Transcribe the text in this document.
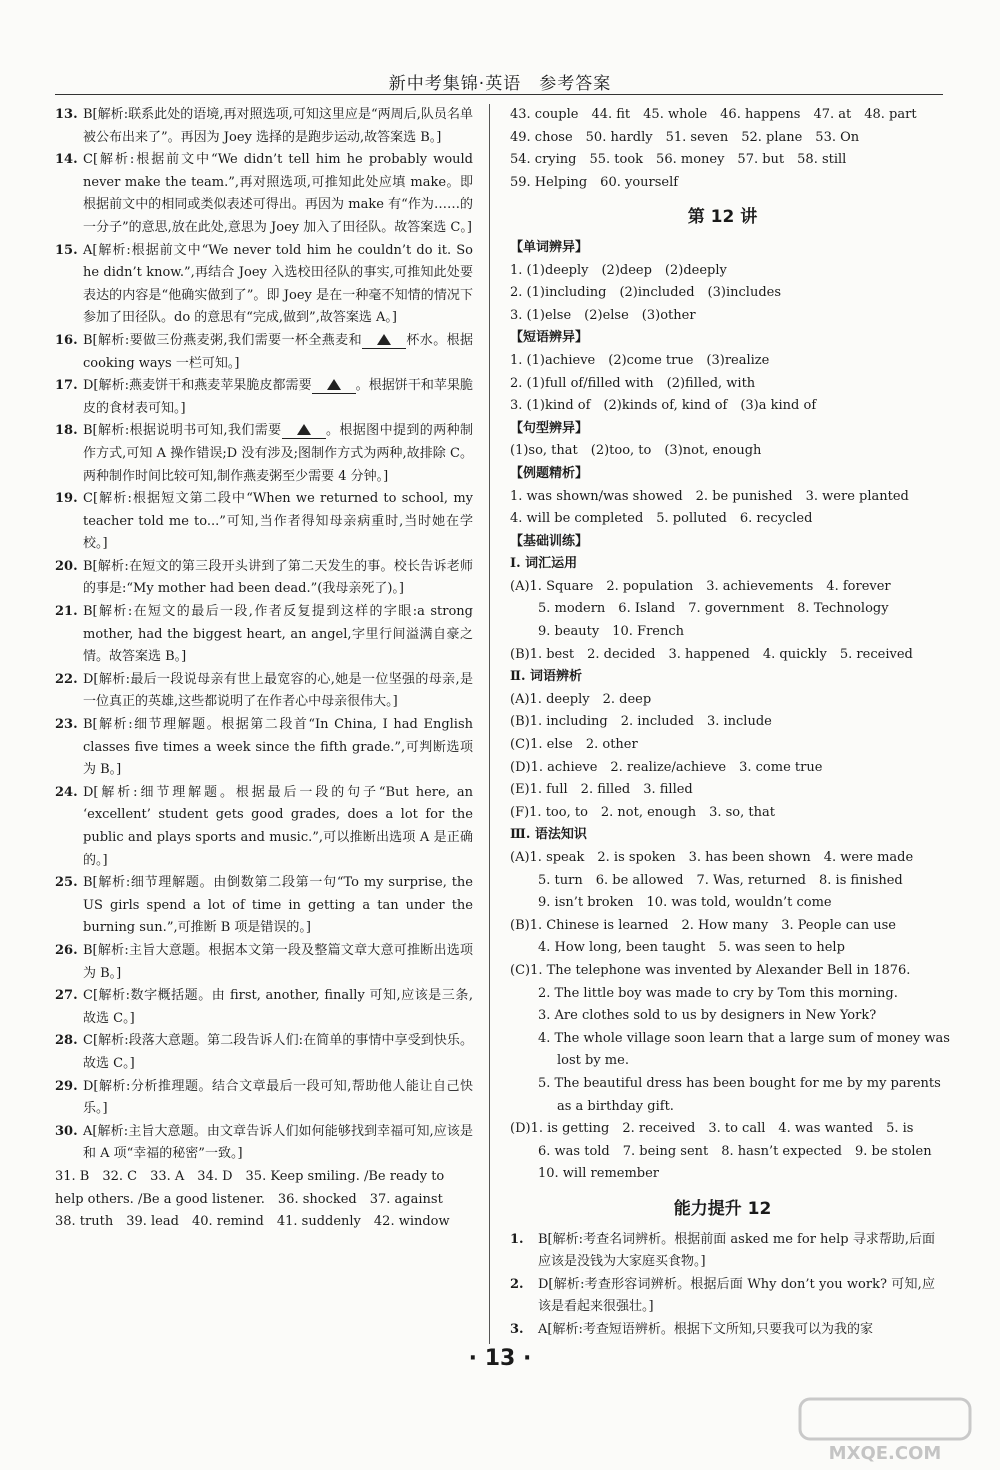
新中考集锦·英语　参考答案
13. B[解析:联系此处的语境,再对照选项,可知这里应是“两周后,队员名单被公布出来了”。再因为 Joey 选择的是跑步运动,故答案选 B。]
14. C[解析:根据前文中“We didn’t tell him he probably would never make the team.”,再对照选项,可推知此处应填 make。即根据前文中的相同或类似表述可得出。再因为 make 有“作为……的一分子”的意思,放在此处,意思为 Joey 加入了田径队。故答案选 C。]
15. A[解析:根据前文中“We never told him he couldn’t do it. So he didn’t know.”,再结合 Joey 入选校田径队的事实,可推知此处要表达的内容是“他确实做到了”。即 Joey 是在一种毫不知情的情况下参加了田径队。do 的意思有“完成,做到”,故答案选 A。]
16. B[解析:要做三份燕麦粥,我们需要一杯全燕麦和	杯水。根据 cooking ways 一栏可知。]
17. D[解析:燕麦饼干和燕麦苹果脆皮都需要	。根据饼干和苹果脆皮的食材表可知。]
18. B[解析:根据说明书可知,我们需要	。根据图中提到的两种制作方式,可知 A 操作错误;D 没有涉及;图制作方式为两种,故排除 C。两种制作时间比较可知,制作燕麦粥至少需要 4 分钟。]
19. C[解析:根据短文第二段中“When we returned to school, my teacher told me to...”可知,当作者得知母亲病重时,当时她在学校。]
20. B[解析:在短文的第三段开头讲到了第二天发生的事。校长告诉老师的事是:“My mother had been dead.”(我母亲死了)。]
21. B[解析:在短文的最后一段,作者反复提到这样的字眼:a strong mother, had the biggest heart, an angel,字里行间溢满自豪之情。故答案选 B。]
22. D[解析:最后一段说母亲有世上最宽容的心,她是一位坚强的母亲,是一位真正的英雄,这些都说明了在作者心中母亲很伟大。]
23. B[解析:细节理解题。根据第二段首“In China, I had English classes five times a week since the fifth grade.”,可判断选项为 B。]
24. D[解析:细节理解题。根据最后一段的句子“But here, an ‘excellent’ student gets good grades, does a lot for the public and plays sports and music.”,可以推断出选项 A 是正确的。]
25. B[解析:细节理解题。由倒数第二段第一句“To my surprise, the US girls spend a lot of time in getting a tan under the burning sun.”,可推断 B 项是错误的。]
26. B[解析:主旨大意题。根据本文第一段及整篇文章大意可推断出选项为 B。]
27. C[解析:数字概括题。由 first, another, finally 可知,应该是三条,故选 C。]
28. C[解析:段落大意题。第二段告诉人们:在简单的事情中享受到快乐。故选 C。]
29. D[解析:分析推理题。结合文章最后一段可知,帮助他人能让自己快乐。]
30. A[解析:主旨大意题。由文章告诉人们如何能够找到幸福可知,应该是和 A 项“幸福的秘密”一致。]
31. B　32. C　33. A　34. D　35. Keep smiling. /Be ready to
help others. /Be a good listener.　36. shocked　37. against
38. truth　39. lead　40. remind　41. suddenly　42. window
43. couple　44. fit　45. whole　46. happens　47. at　48. part
49. chose　50. hardly　51. seven　52. plane　53. On
54. crying　55. took　56. money　57. but　58. still
59. Helping　60. yourself
第 12 讲
【单词辨异】
1. (1)deeply　(2)deep　(2)deeply
2. (1)including　(2)included　(3)includes
3. (1)else　(2)else　(3)other
【短语辨异】
1. (1)achieve　(2)come true　(3)realize
2. (1)full of/filled with　(2)filled, with
3. (1)kind of　(2)kinds of, kind of　(3)a kind of
【句型辨异】
(1)so, that　(2)too, to　(3)not, enough
【例题精析】
1. was shown/was showed　2. be punished　3. were planted
4. will be completed　5. polluted　6. recycled
【基础训练】
Ⅰ. 词汇运用
(A)1. Square　2. population　3. achievements　4. forever
5. modern　6. Island　7. government　8. Technology
9. beauty　10. French
(B)1. best　2. decided　3. happened　4. quickly　5. received
Ⅱ. 词语辨析
(A)1. deeply　2. deep
(B)1. including　2. included　3. include
(C)1. else　2. other
(D)1. achieve　2. realize/achieve　3. come true
(E)1. full　2. filled　3. filled
(F)1. too, to　2. not, enough　3. so, that
Ⅲ. 语法知识
(A)1. speak　2. is spoken　3. has been shown　4. were made
5. turn　6. be allowed　7. Was, returned　8. is finished
9. isn’t broken　10. was told, wouldn’t come
(B)1. Chinese is learned　2. How many　3. People can use
4. How long, been taught　5. was seen to help
(C)1. The telephone was invented by Alexander Bell in 1876.
2. The little boy was made to cry by Tom this morning.
3. Are clothes sold to us by designers in New York?
4. The whole village soon learn that a large sum of money was
lost by me.
5. The beautiful dress has been bought for me by my parents
as a birthday gift.
(D)1. is getting　2. received　3. to call　4. was wanted　5. is
6. was told　7. being sent　8. hasn’t expected　9. be stolen
10. will remember
能力提升 12
1. B[解析:考查名词辨析。根据前面 asked me for help 寻求帮助,后面应该是没钱为大家庭买食物。]
2. D[解析:考查形容词辨析。根据后面 Why don’t you work? 可知,应该是看起来很强壮。]
3. A[解析:考查短语辨析。根据下文所知,只要我可以为我的家
· 13 ·
MXQE.COM
